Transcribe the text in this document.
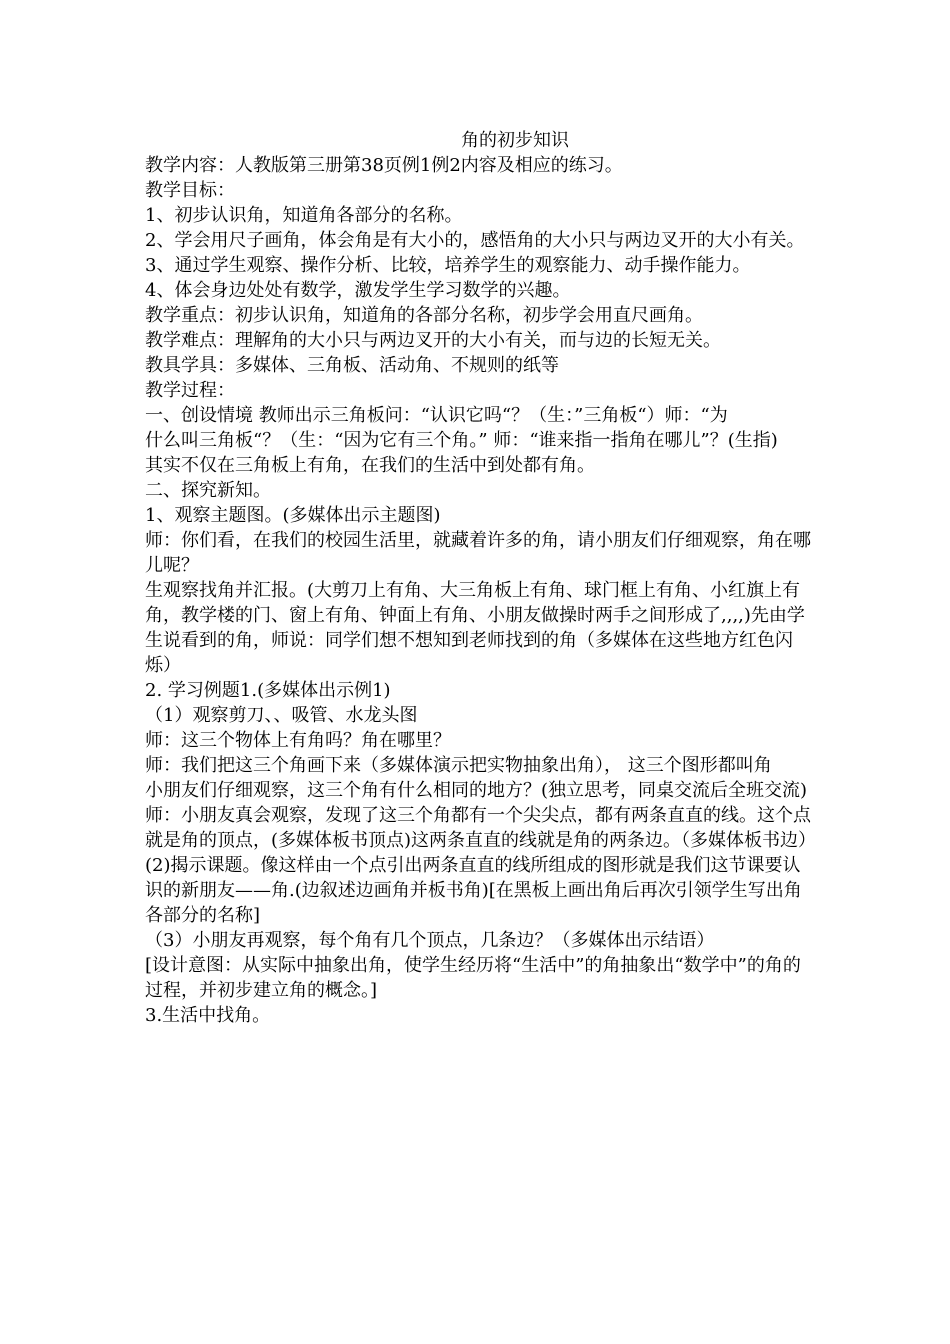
角的初步知识

教学内容：人教版第三册第38页例1例2内容及相应的练习。

教学目标：

1、初步认识角，知道角各部分的名称。

2、学会用尺子画角，体会角是有大小的，感悟角的大小只与两边叉开的大小有关。

3、通过学生观察、操作分析、比较，培养学生的观察能力、动手操作能力。

4、体会身边处处有数学，激发学生学习数学的兴趣。

教学重点：初步认识角，知道角的各部分名称，初步学会用直尺画角。

教学难点：理解角的大小只与两边叉开的大小有关，而与边的长短无关。

教具学具：多媒体、三角板、活动角、不规则的纸等

教学过程：

一、创设情境 教师出示三角板问：“认识它吗“？（生：”三角板“）师：“为

什么叫三角板“？（生：“因为它有三个角。” 师：“谁来指一指角在哪儿”？(生指)

其实不仅在三角板上有角，在我们的生活中到处都有角。

二、探究新知。

1、观察主题图。(多媒体出示主题图)

师：你们看，在我们的校园生活里，就藏着许多的角，请小朋友们仔细观察，角在哪儿呢？

生观察找角并汇报。(大剪刀上有角、大三角板上有角、球门框上有角、小红旗上有角，教学楼的门、窗上有角、钟面上有角、小朋友做操时两手之间形成了,,,,)先由学生说看到的角，师说：同学们想不想知到老师找到的角（多媒体在这些地方红色闪烁）

2. 学习例题1.(多媒体出示例1)

（1）观察剪刀、、吸管、水龙头图

师：这三个物体上有角吗？角在哪里？

师：我们把这三个角画下来（多媒体演示把实物抽象出角）， 这三个图形都叫角

小朋友们仔细观察，这三个角有什么相同的地方？(独立思考，同桌交流后全班交流)

师：小朋友真会观察，发现了这三个角都有一个尖尖点，都有两条直直的线。这个点就是角的顶点，(多媒体板书顶点)这两条直直的线就是角的两条边。（多媒体板书边）

(2)揭示课题。像这样由一个点引出两条直直的线所组成的图形就是我们这节课要认识的新朋友——角.(边叙述边画角并板书角)[在黑板上画出角后再次引领学生写出角各部分的名称]

（3）小朋友再观察，每个角有几个顶点，几条边？（多媒体出示结语）

[设计意图：从实际中抽象出角，使学生经历将“生活中”的角抽象出“数学中”的角的过程，并初步建立角的概念。]

3.生活中找角。
